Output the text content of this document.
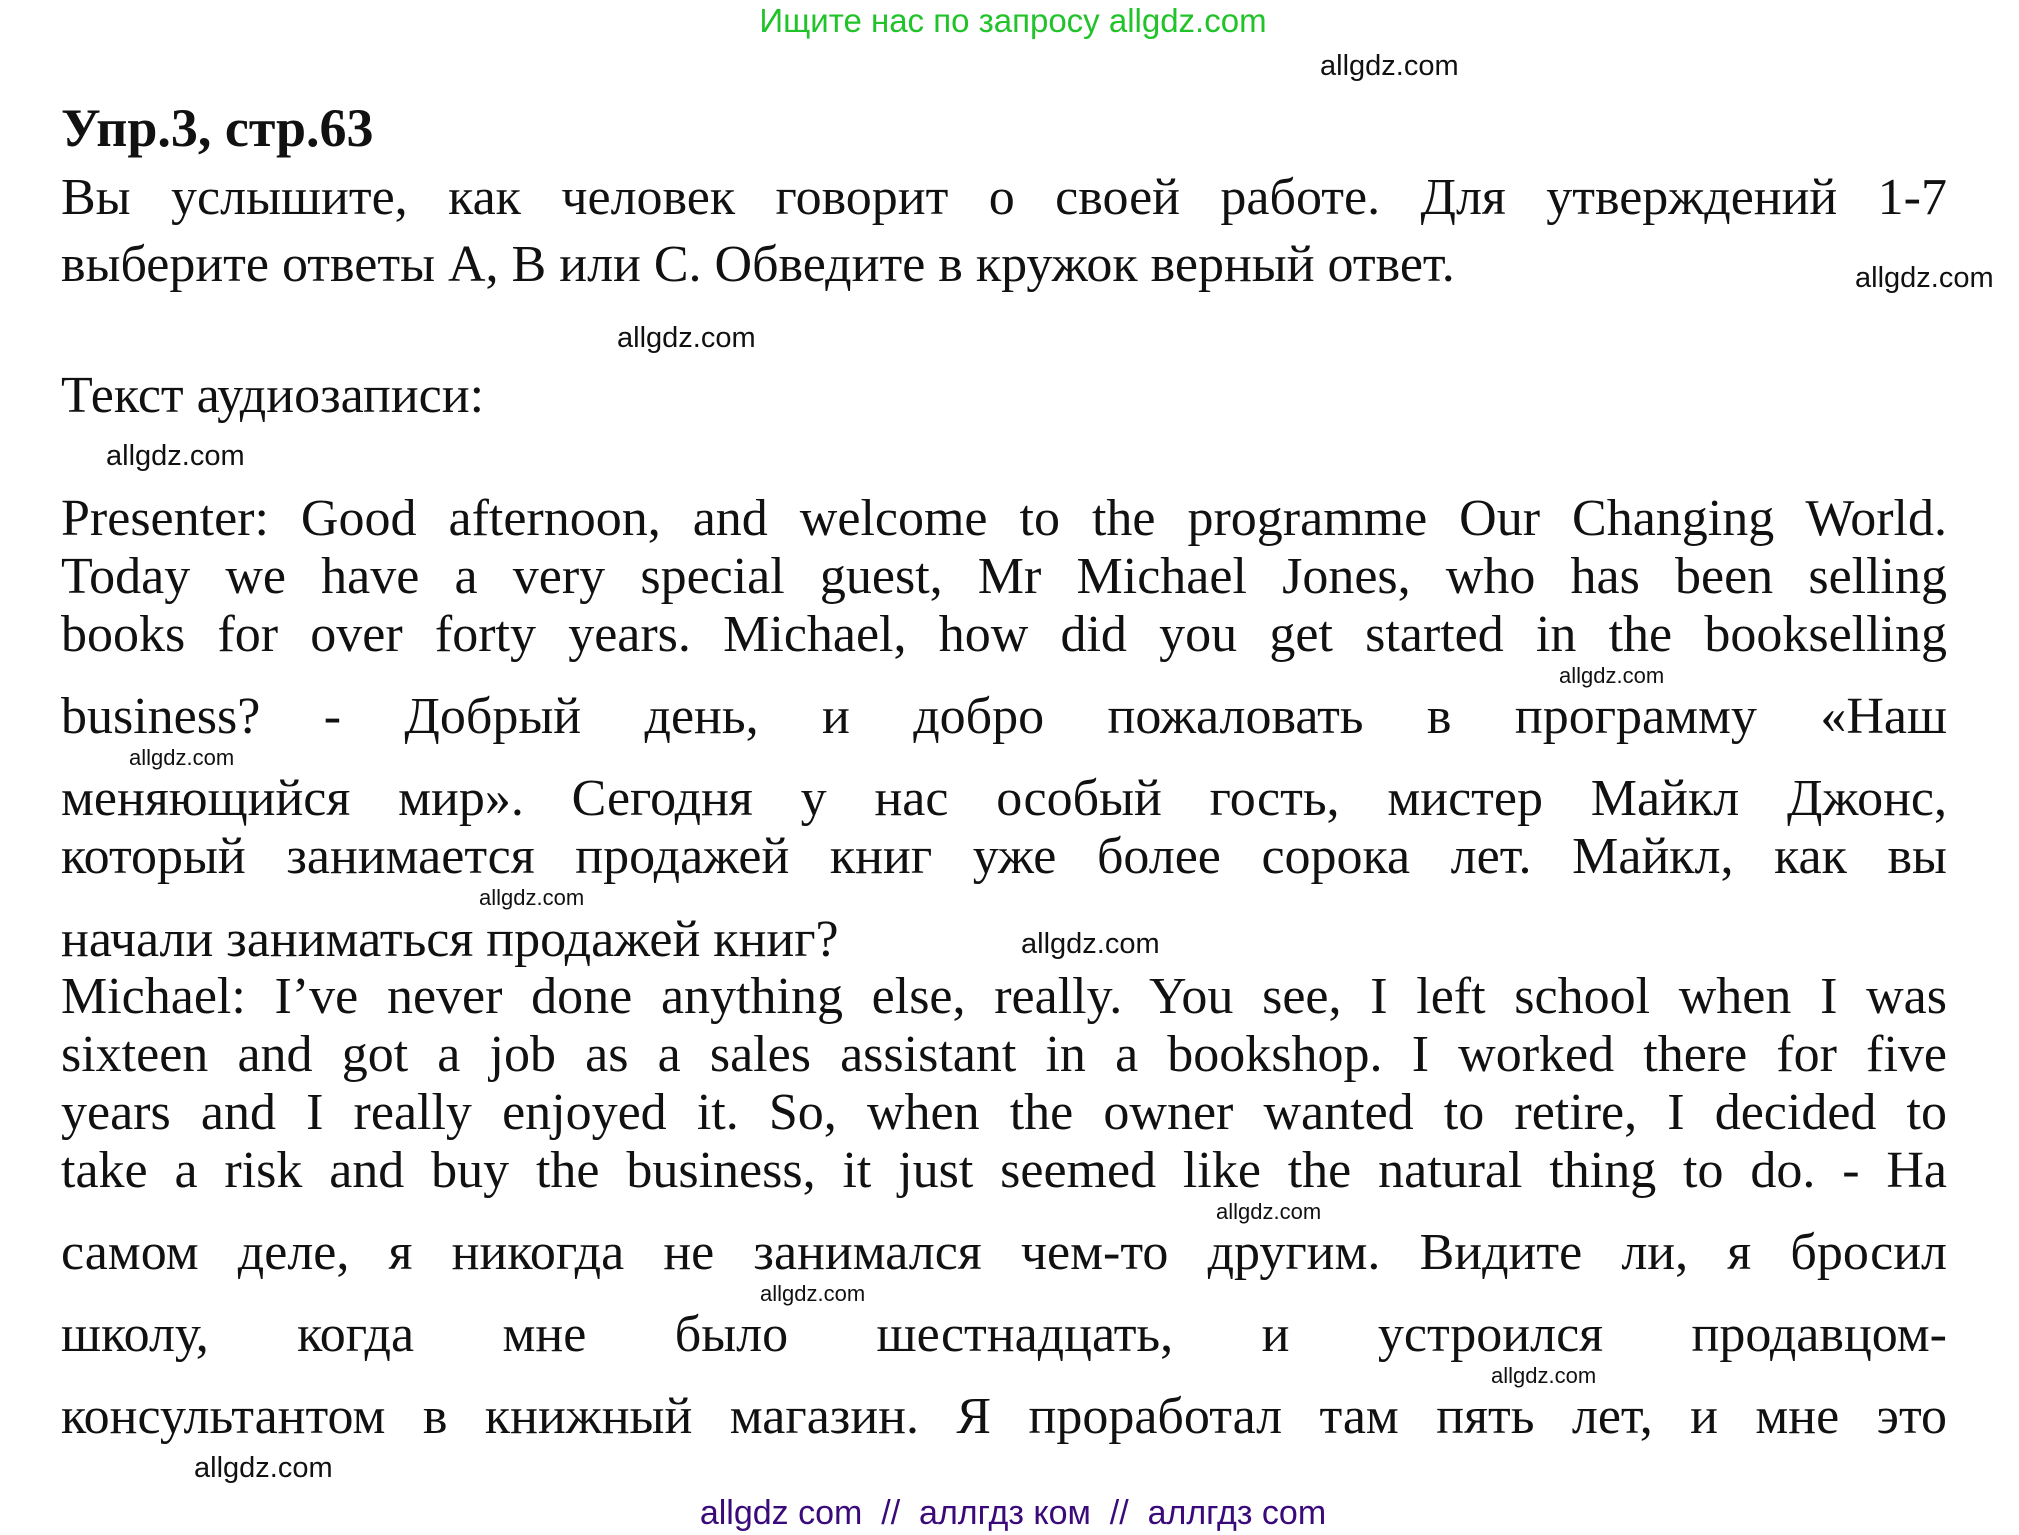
Ищите нас по запросу allgdz.com
allgdz.com
Упр.3, стр.63
Вы услышите, как человек говорит о своей работе. Для утверждений 1-7
выберите ответы A, B или C. Обведите в кружок верный ответ.	allgdz.com
allgdz.com
Текст аудиозаписи:
allgdz.com
Presenter: Good afternoon, and welcome to the programme Our Changing World.
Today we have a very special guest, Mr Michael Jones, who has been selling
books for over forty years. Michael, how did you get started in the bookselling
allgdz.com
business? - Добрый день, и добро пожаловать в программу «Наш
allgdz.com
меняющийся мир». Сегодня у нас особый гость, мистер Майкл Джонс,
который занимается продажей книг уже более сорока лет. Майкл, как вы
allgdz.com
начали заниматься продажей книг?	allgdz.com
Michael: I’ve never done anything else, really. You see, I left school when I was
sixteen and got a job as a sales assistant in a bookshop. I worked there for five
years and I really enjoyed it. So, when the owner wanted to retire, I decided to
take a risk and buy the business, it just seemed like the natural thing to do. - На
allgdz.com
самом деле, я никогда не занимался чем-то другим. Видите ли, я бросил
allgdz.com
школу, когда мне было шестнадцать, и устроился продавцом-
allgdz.com
консультантом в книжный магазин. Я проработал там пять лет, и мне это
allgdz.com
allgdz com  //  аллгдз ком  //  аллгдз com
